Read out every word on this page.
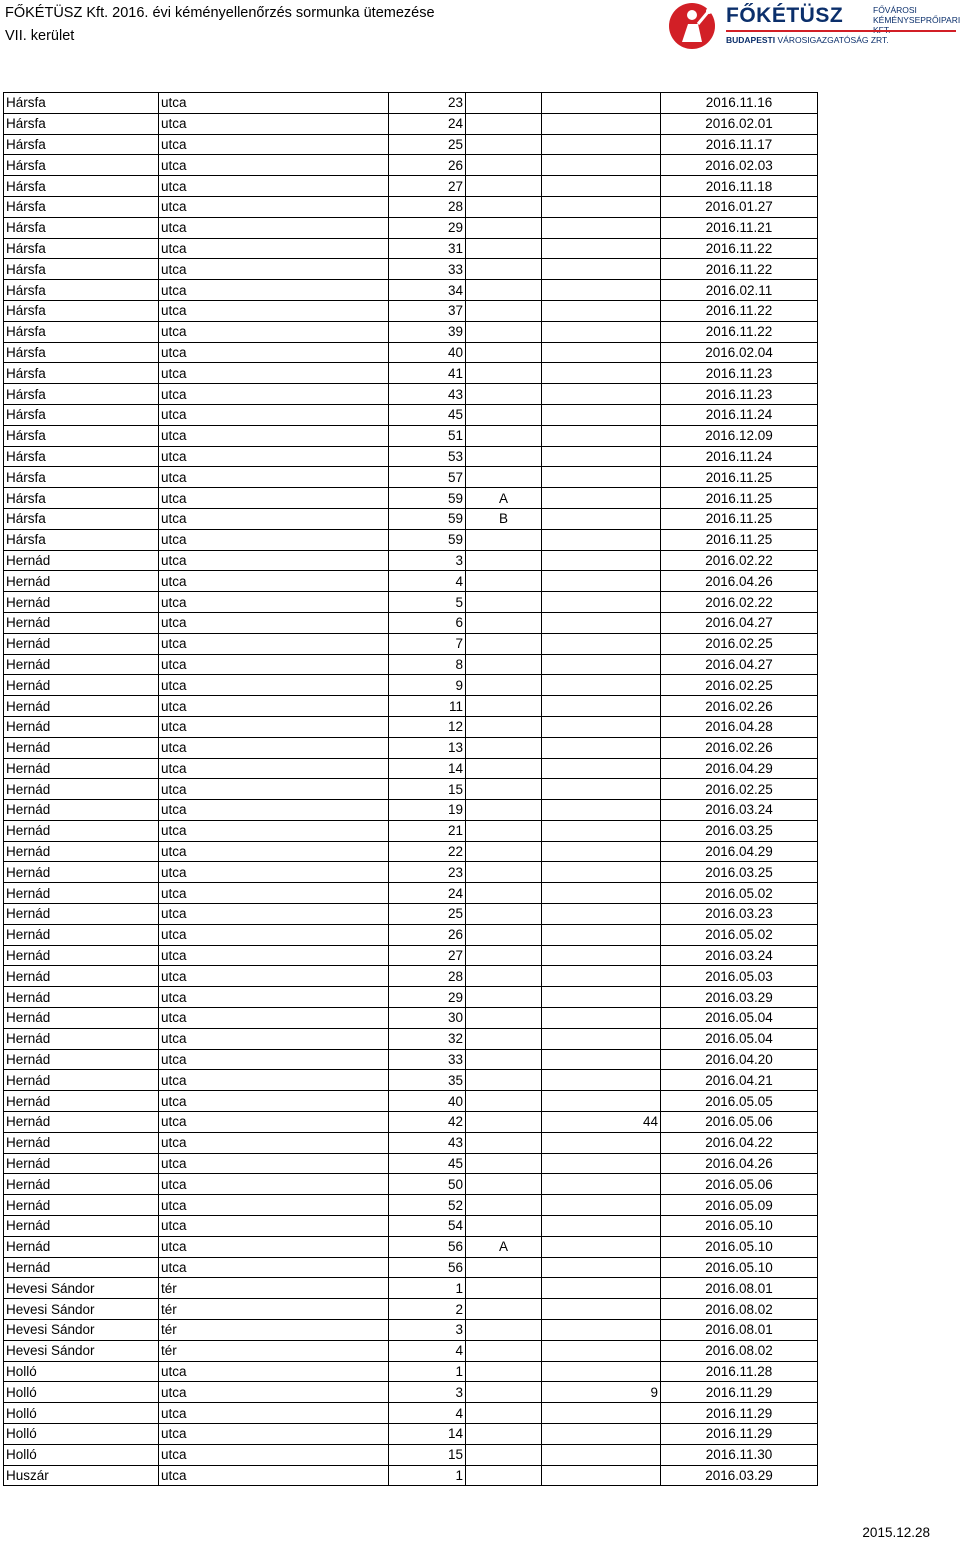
FŐKÉTÜSZ Kft. 2016. évi kéményellenőrzés sormunka ütemezése
VII. kerület
FŐKÉTÜSZ	FŐVÁROSI
KÉMÉNYSEPRŐIPARI
BUDAPESTI VÁROSIGAZGATÓSÁG ZRT.
Hársfa	utca	23			2016.11.16
Hársfa	utca	24			2016.02.01
Hársfa	utca	25			2016.11.17
Hársfa	utca	26			2016.02.03
Hársfa	utca	27			2016.11.18
Hársfa	utca	28			2016.01.27
Hársfa	utca	29			2016.11.21
Hársfa	utca	31			2016.11.22
Hársfa	utca	33			2016.11.22
Hársfa	utca	34			2016.02.11
Hársfa	utca	37			2016.11.22
Hársfa	utca	39			2016.11.22
Hársfa	utca	40			2016.02.04
Hársfa	utca	41			2016.11.23
Hársfa	utca	43			2016.11.23
Hársfa	utca	45			2016.11.24
Hársfa	utca	51			2016.12.09
Hársfa	utca	53			2016.11.24
Hársfa	utca	57			2016.11.25
Hársfa	utca	59	A		2016.11.25
Hársfa	utca	59	B		2016.11.25
Hársfa	utca	59			2016.11.25
Hernád	utca	3			2016.02.22
Hernád	utca	4			2016.04.26
Hernád	utca	5			2016.02.22
Hernád	utca	6			2016.04.27
Hernád	utca	7			2016.02.25
Hernád	utca	8			2016.04.27
Hernád	utca	9			2016.02.25
Hernád	utca	11			2016.02.26
Hernád	utca	12			2016.04.28
Hernád	utca	13			2016.02.26
Hernád	utca	14			2016.04.29
Hernád	utca	15			2016.02.25
Hernád	utca	19			2016.03.24
Hernád	utca	21			2016.03.25
Hernád	utca	22			2016.04.29
Hernád	utca	23			2016.03.25
Hernád	utca	24			2016.05.02
Hernád	utca	25			2016.03.23
Hernád	utca	26			2016.05.02
Hernád	utca	27			2016.03.24
Hernád	utca	28			2016.05.03
Hernád	utca	29			2016.03.29
Hernád	utca	30			2016.05.04
Hernád	utca	32			2016.05.04
Hernád	utca	33			2016.04.20
Hernád	utca	35			2016.04.21
Hernád	utca	40			2016.05.05
Hernád	utca	42		44	2016.05.06
Hernád	utca	43			2016.04.22
Hernád	utca	45			2016.04.26
Hernád	utca	50			2016.05.06
Hernád	utca	52			2016.05.09
Hernád	utca	54			2016.05.10
Hernád	utca	56	A		2016.05.10
Hernád	utca	56			2016.05.10
Hevesi Sándor	tér	1			2016.08.01
Hevesi Sándor	tér	2			2016.08.02
Hevesi Sándor	tér	3			2016.08.01
Hevesi Sándor	tér	4			2016.08.02
Holló	utca	1			2016.11.28
Holló	utca	3		9	2016.11.29
Holló	utca	4			2016.11.29
Holló	utca	14			2016.11.29
Holló	utca	15			2016.11.30
Huszár	utca	1			2016.03.29
2015.12.28
